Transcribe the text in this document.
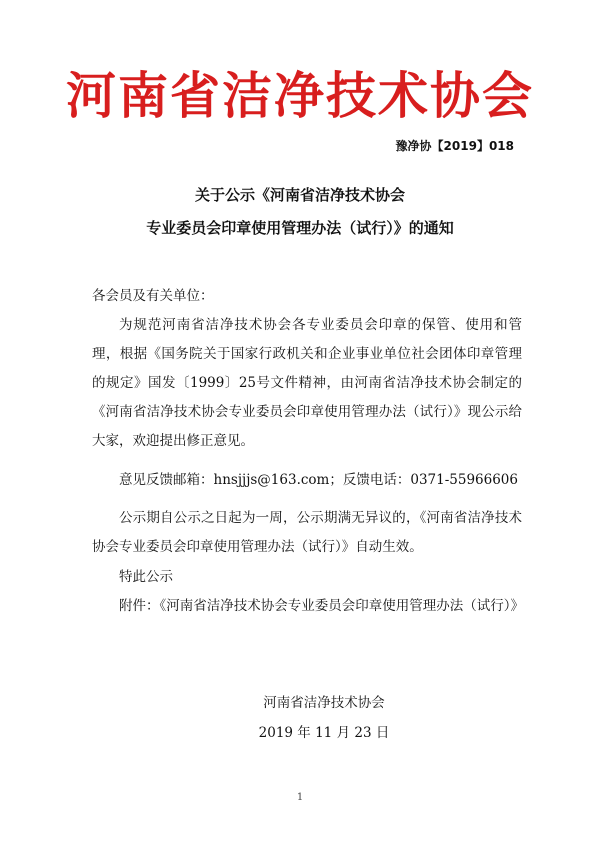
河南省洁净技术协会
豫净协【2019】018
关于公示《河南省洁净技术协会
专业委员会印章使用管理办法（试行）》的通知
各会员及有关单位：
为规范河南省洁净技术协会各专业委员会印章的保管、使用和管理，根据《国务院关于国家行政机关和企业事业单位社会团体印章管理的规定》国发〔1999〕25号文件精神，由河南省洁净技术协会制定的《河南省洁净技术协会专业委员会印章使用管理办法（试行）》现公示给大家，欢迎提出修正意见。
意见反馈邮箱：hnsjjjs@163.com；反馈电话：0371-55966606
公示期自公示之日起为一周，公示期满无异议的，《河南省洁净技术协会专业委员会印章使用管理办法（试行）》自动生效。
特此公示
附件：《河南省洁净技术协会专业委员会印章使用管理办法（试行）》
河南省洁净技术协会
2019 年 11 月 23 日
1
